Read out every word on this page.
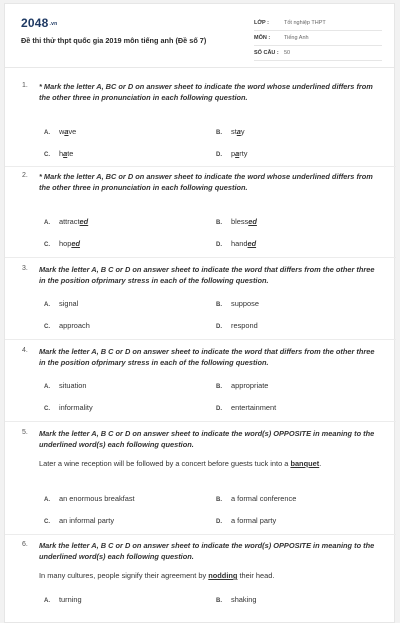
2048.vn
Đề thi thử thpt quốc gia 2019 môn tiếng anh (Đề số 7)
LỚP :	Tốt nghiệp THPT
MÔN :	Tiếng Anh
SỐ CÂU : 50
1. * Mark the letter A, BC or D on answer sheet to indicate the word whose underlined differs from the other three in pronunciation in each following question.
A. wave	B. stay
C. hate	D. party
2. * Mark the letter A, BC or D on answer sheet to indicate the word whose underlined differs from the other three in pronunciation in each following question.
A. attracted	B. blessed
C. hoped	D. handed
3. Mark the letter A, B C or D on answer sheet to indicate the word that differs from the other three in the position ofprimary stress in each of the following question.
A. signal	B. suppose
C. approach	D. respond
4. Mark the letter A, B C or D on answer sheet to indicate the word that differs from the other three in the position ofprimary stress in each of the following question.
A. situation	B. appropriate
C. informality	D. entertainment
5. Mark the letter A, B C or D on answer sheet to indicate the word(s) OPPOSITE in meaning to the underlined word(s) each following question.
Later a wine reception will be followed by a concert before guests tuck into a banquet.
A. an enormous breakfast	B. a formal conference
C. an informal party	D. a formal party
6. Mark the letter A, B C or D on answer sheet to indicate the word(s) OPPOSITE in meaning to the underlined word(s) each following question.
In many cultures, people signify their agreement by nodding their head.
A. turning	B. shaking
